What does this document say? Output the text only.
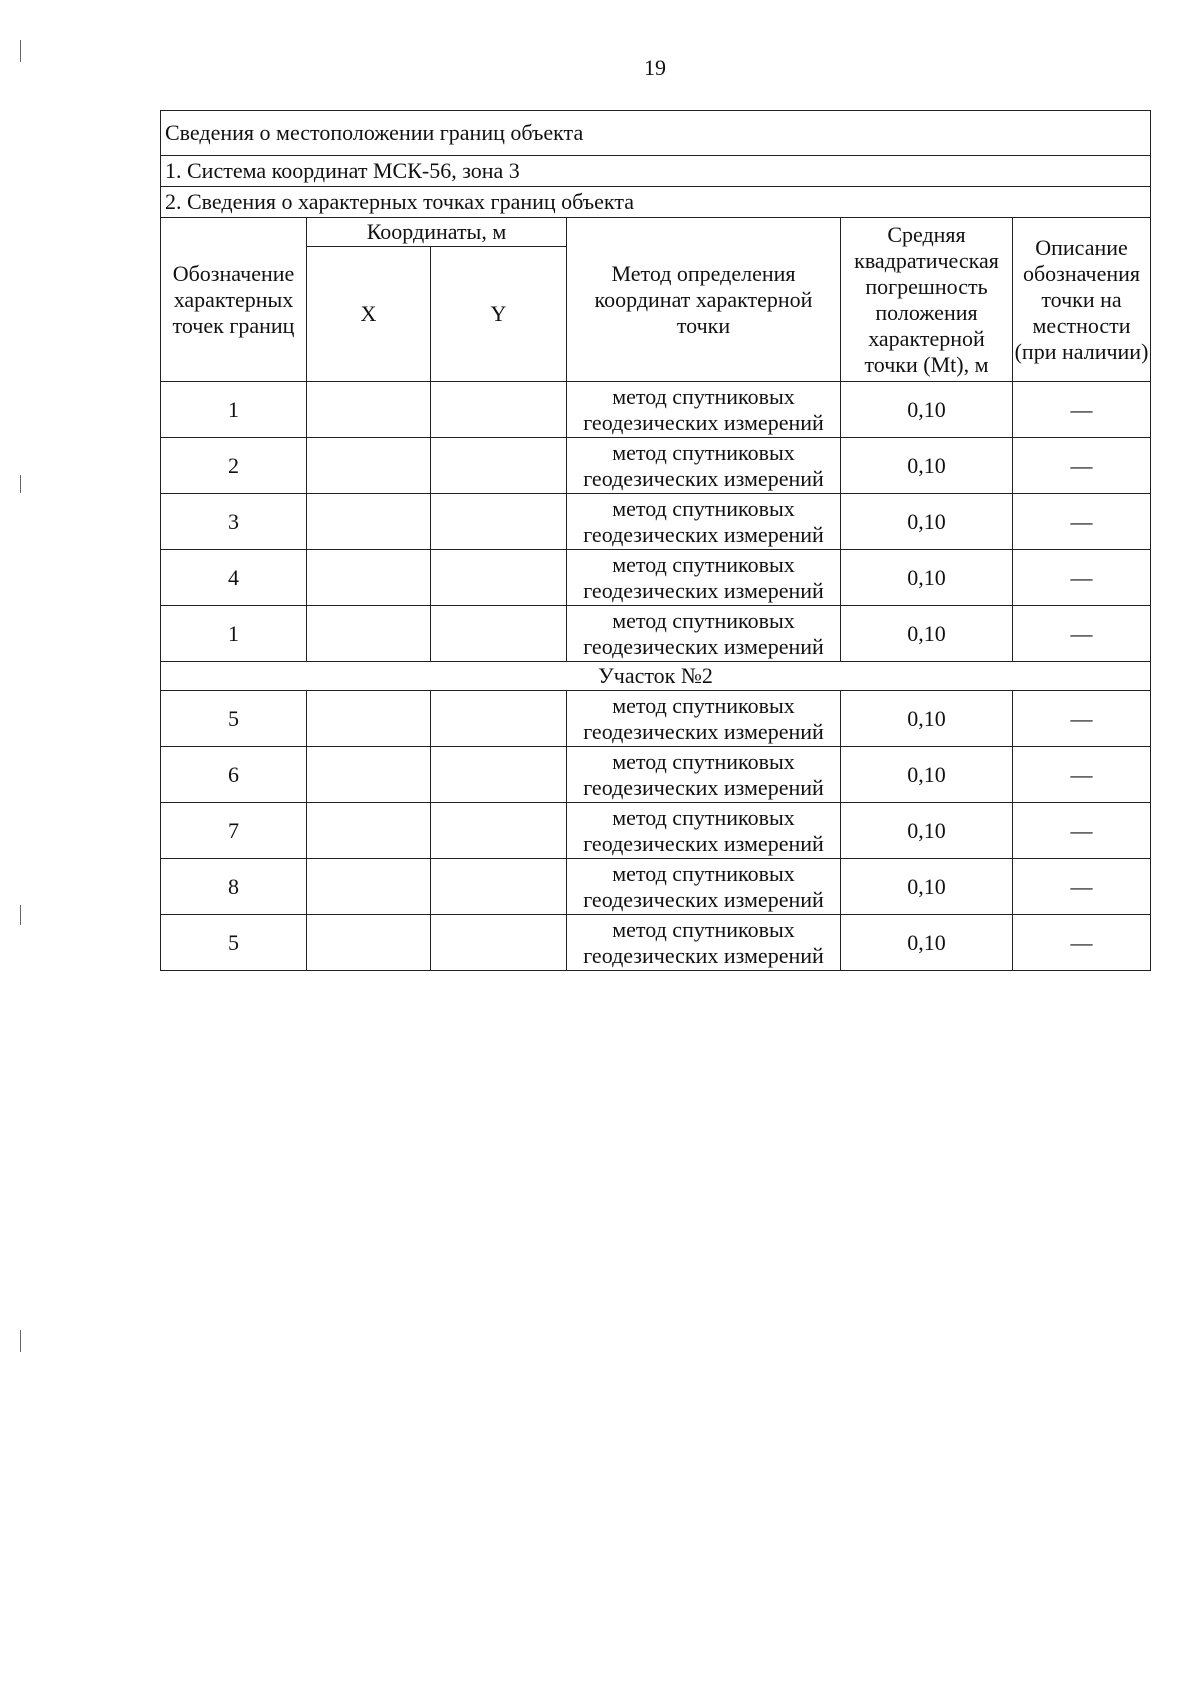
19
Сведения о местоположении границ объекта					
1. Система координат МСК-56, зона 3					
2. Сведения о характерных точках границ объекта					
Обозначение характерных точек границ	Координаты, м		Метод определения координат характерной точки	Средняя квадратическая погрешность положения характерной точки (Mt), м	Описание обозначения точки на местности (при наличии)
	X	Y			
1			метод спутниковых геодезических измерений	0,10	—
2			метод спутниковых геодезических измерений	0,10	—
3			метод спутниковых геодезических измерений	0,10	—
4			метод спутниковых геодезических измерений	0,10	—
1			метод спутниковых геодезических измерений	0,10	—
Участок №2					
5			метод спутниковых геодезических измерений	0,10	—
6			метод спутниковых геодезических измерений	0,10	—
7			метод спутниковых геодезических измерений	0,10	—
8			метод спутниковых геодезических измерений	0,10	—
5			метод спутниковых геодезических измерений	0,10	—
